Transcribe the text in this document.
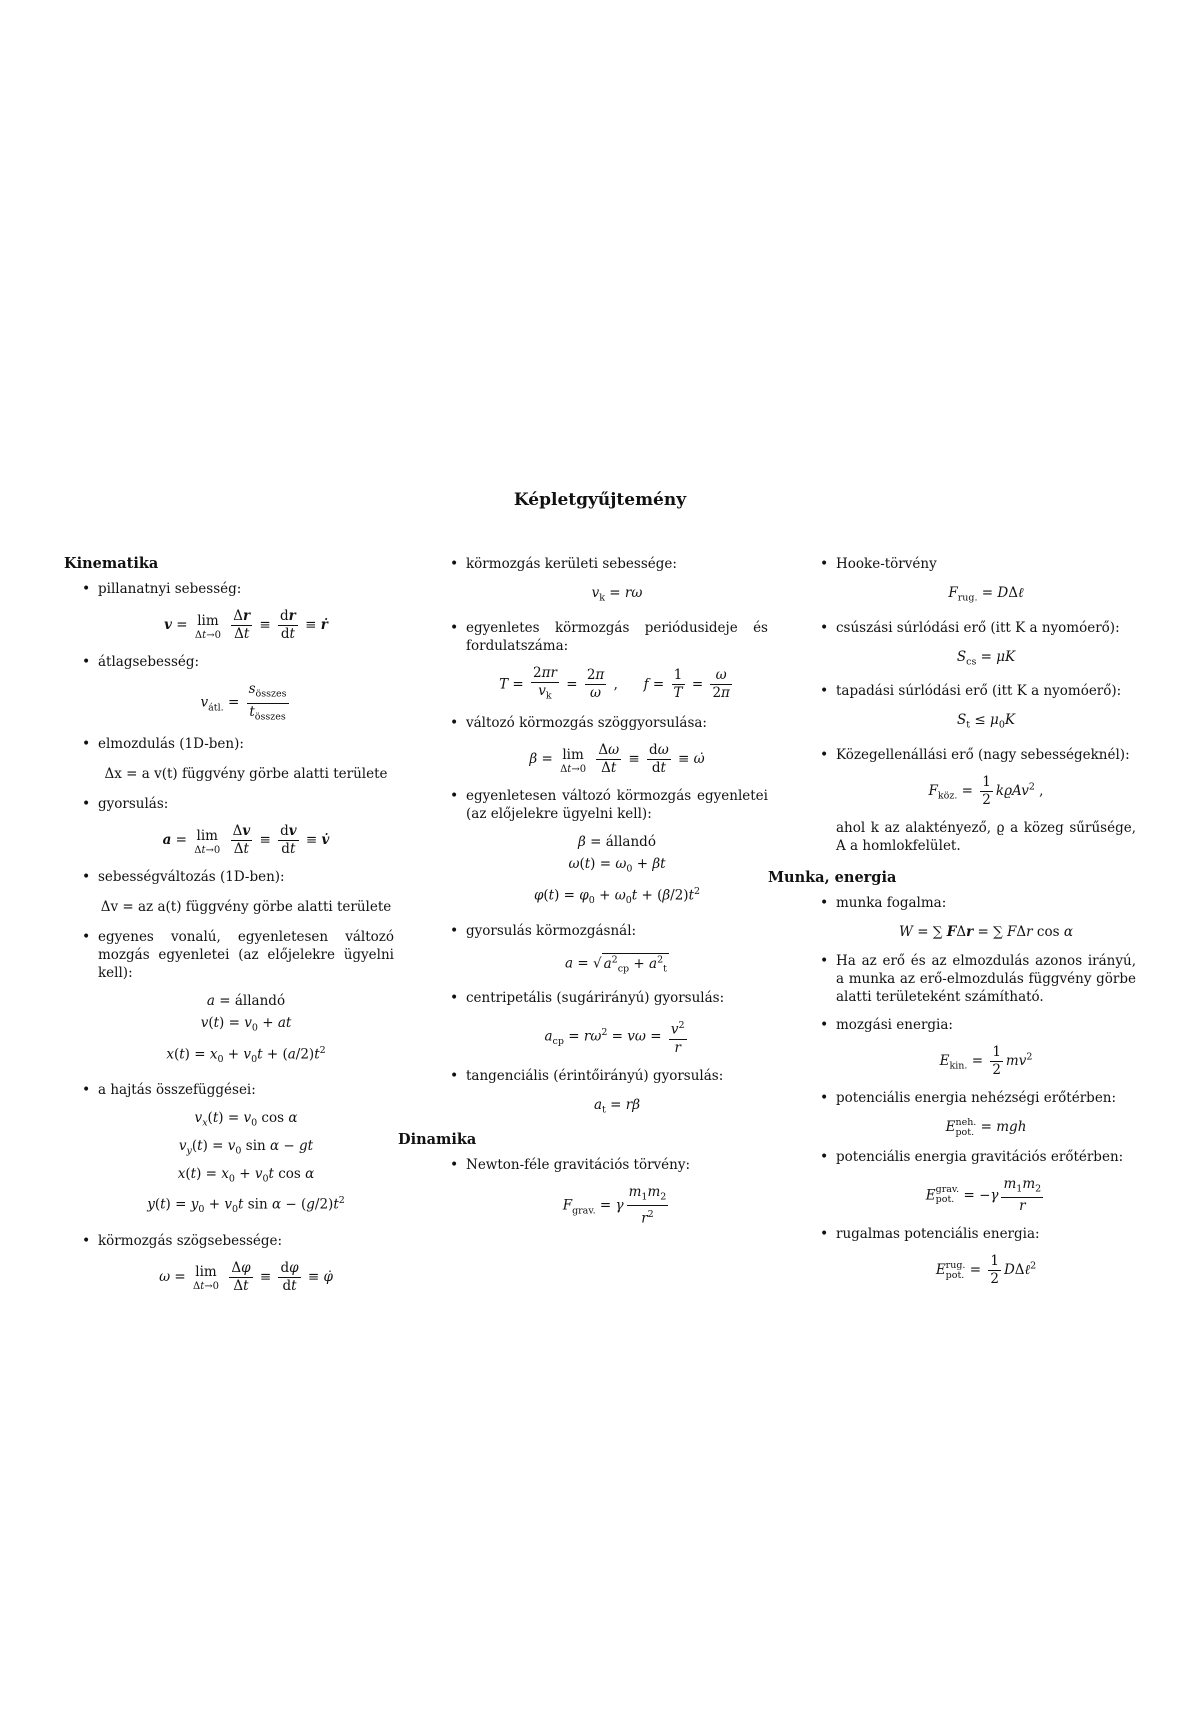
Képletgyűjtemény
Kinematika
• pillanatnyi sebesség:
v = lim
Δt→0
$\frac{\Delta r}{\Delta t} \equiv \frac{dr}{dt}$ ≡ ṙ
• átlagsebesség:
$v_{átl.} = \frac{s_{összes}}{t_{összes}}$
• elmozdulás (1D-ben):
Δx = a v(t) függvény görbe alatti területe
• gyorsulás:
a = lim
Δt→0
$\frac{\Delta v}{\Delta t} \equiv \frac{dv}{dt}$ ≡ v̇
• sebességváltozás (1D-ben):
Δv = az a(t) függvény görbe alatti területe
• egyenes vonalú, egyenletesen változó mozgás egyenletei (az előjelekre ügyelni kell):
a = állandó
$v(t) = v_0$ + at
$x(t) = x_0 + v_0t + (a/2)t^2$
• a hajtás összefüggései:
$v_x(t) = v_0$ cos α
$v_y(t) = v_0$ sin α − gt
$x(t) = x_0 + v_0t$ cos α
$y(t) = y_0 + v_0t$ $\sin \alpha - (g/2)t^2$
• körmozgás szögsebessége:
ω = lim
Δt→0
$\frac{\Delta\varphi}{\Delta t} \equiv \frac{d\varphi}{dt}$ ≡ φ̇
• körmozgás kerületi sebessége:
$v_k = r\omega$
• egyenletes körmozgás periódusideje és fordulatszáma:
$T = \frac{2\pi r}{v_k} = \frac{2\pi}{\omega}$ ,      $f = \frac{1}{T} = \frac{\omega}{2\pi}$
• változó körmozgás szöggyorsulása:
β = lim
Δt→0
$\frac{\Delta\omega}{\Delta t} \equiv \frac{d\omega}{dt}$ ≡ ω̇
• egyenletesen változó körmozgás egyenletei (az előjelekre ügyelni kell):
β = állandó
$\omega(t) = \omega_0 + \beta t$
$\varphi(t) = \varphi_0 + \omega_0t + (\beta/2)t^2$
• gyorsulás körmozgásnál:
a = √ $a^2_{cp} + a^2_t$
• centripetális (sugárirányú) gyorsulás:
$a_{cp} = r\omega^2 = v\omega = \frac{v^2}{r}$
• tangenciális (érintőirányú) gyorsulás:
$a_t = r\beta$
Dinamika
• Newton-féle gravitációs törvény:
$F_{grav.} = \gamma \frac{m_1m_2}{r^2}$
• Hooke-törvény
$F_{rug.}$ = DΔℓ
• csúszási súrlódási erő (itt K a nyomóerő):
$S_{cs} = \mu K$
• tapadási súrlódási erő (itt K a nyomóerő):
$S_t \le \mu_0K$
• Közegellenállási erő (nagy sebességeknél):
$F_{köz.} = \frac{1}{2} kϱAv^2$ ,
ahol k az alaktényező, ϱ a közeg sűrűsége, A a homlokfelület.
Munka, energia
• munka fogalma:
W = ∑ FΔr = ∑ FΔr cos α
• Ha az erő és az elmozdulás azonos irányú, a munka az erő-elmozdulás függvény görbe alatti területeként számítható.
• mozgási energia:
$E_{kin.} = \frac{1}{2} mv^2$
• potenciális energia nehézségi erőtérben:
E neh.
pot. = mgh
• potenciális energia gravitációs erőtérben:
E grav.
pot. = $-\gamma \frac{m_1m_2}{r}$
• rugalmas potenciális energia:
E rug.
pot. = $\frac{1}{2}$ DΔℓ$^2$
